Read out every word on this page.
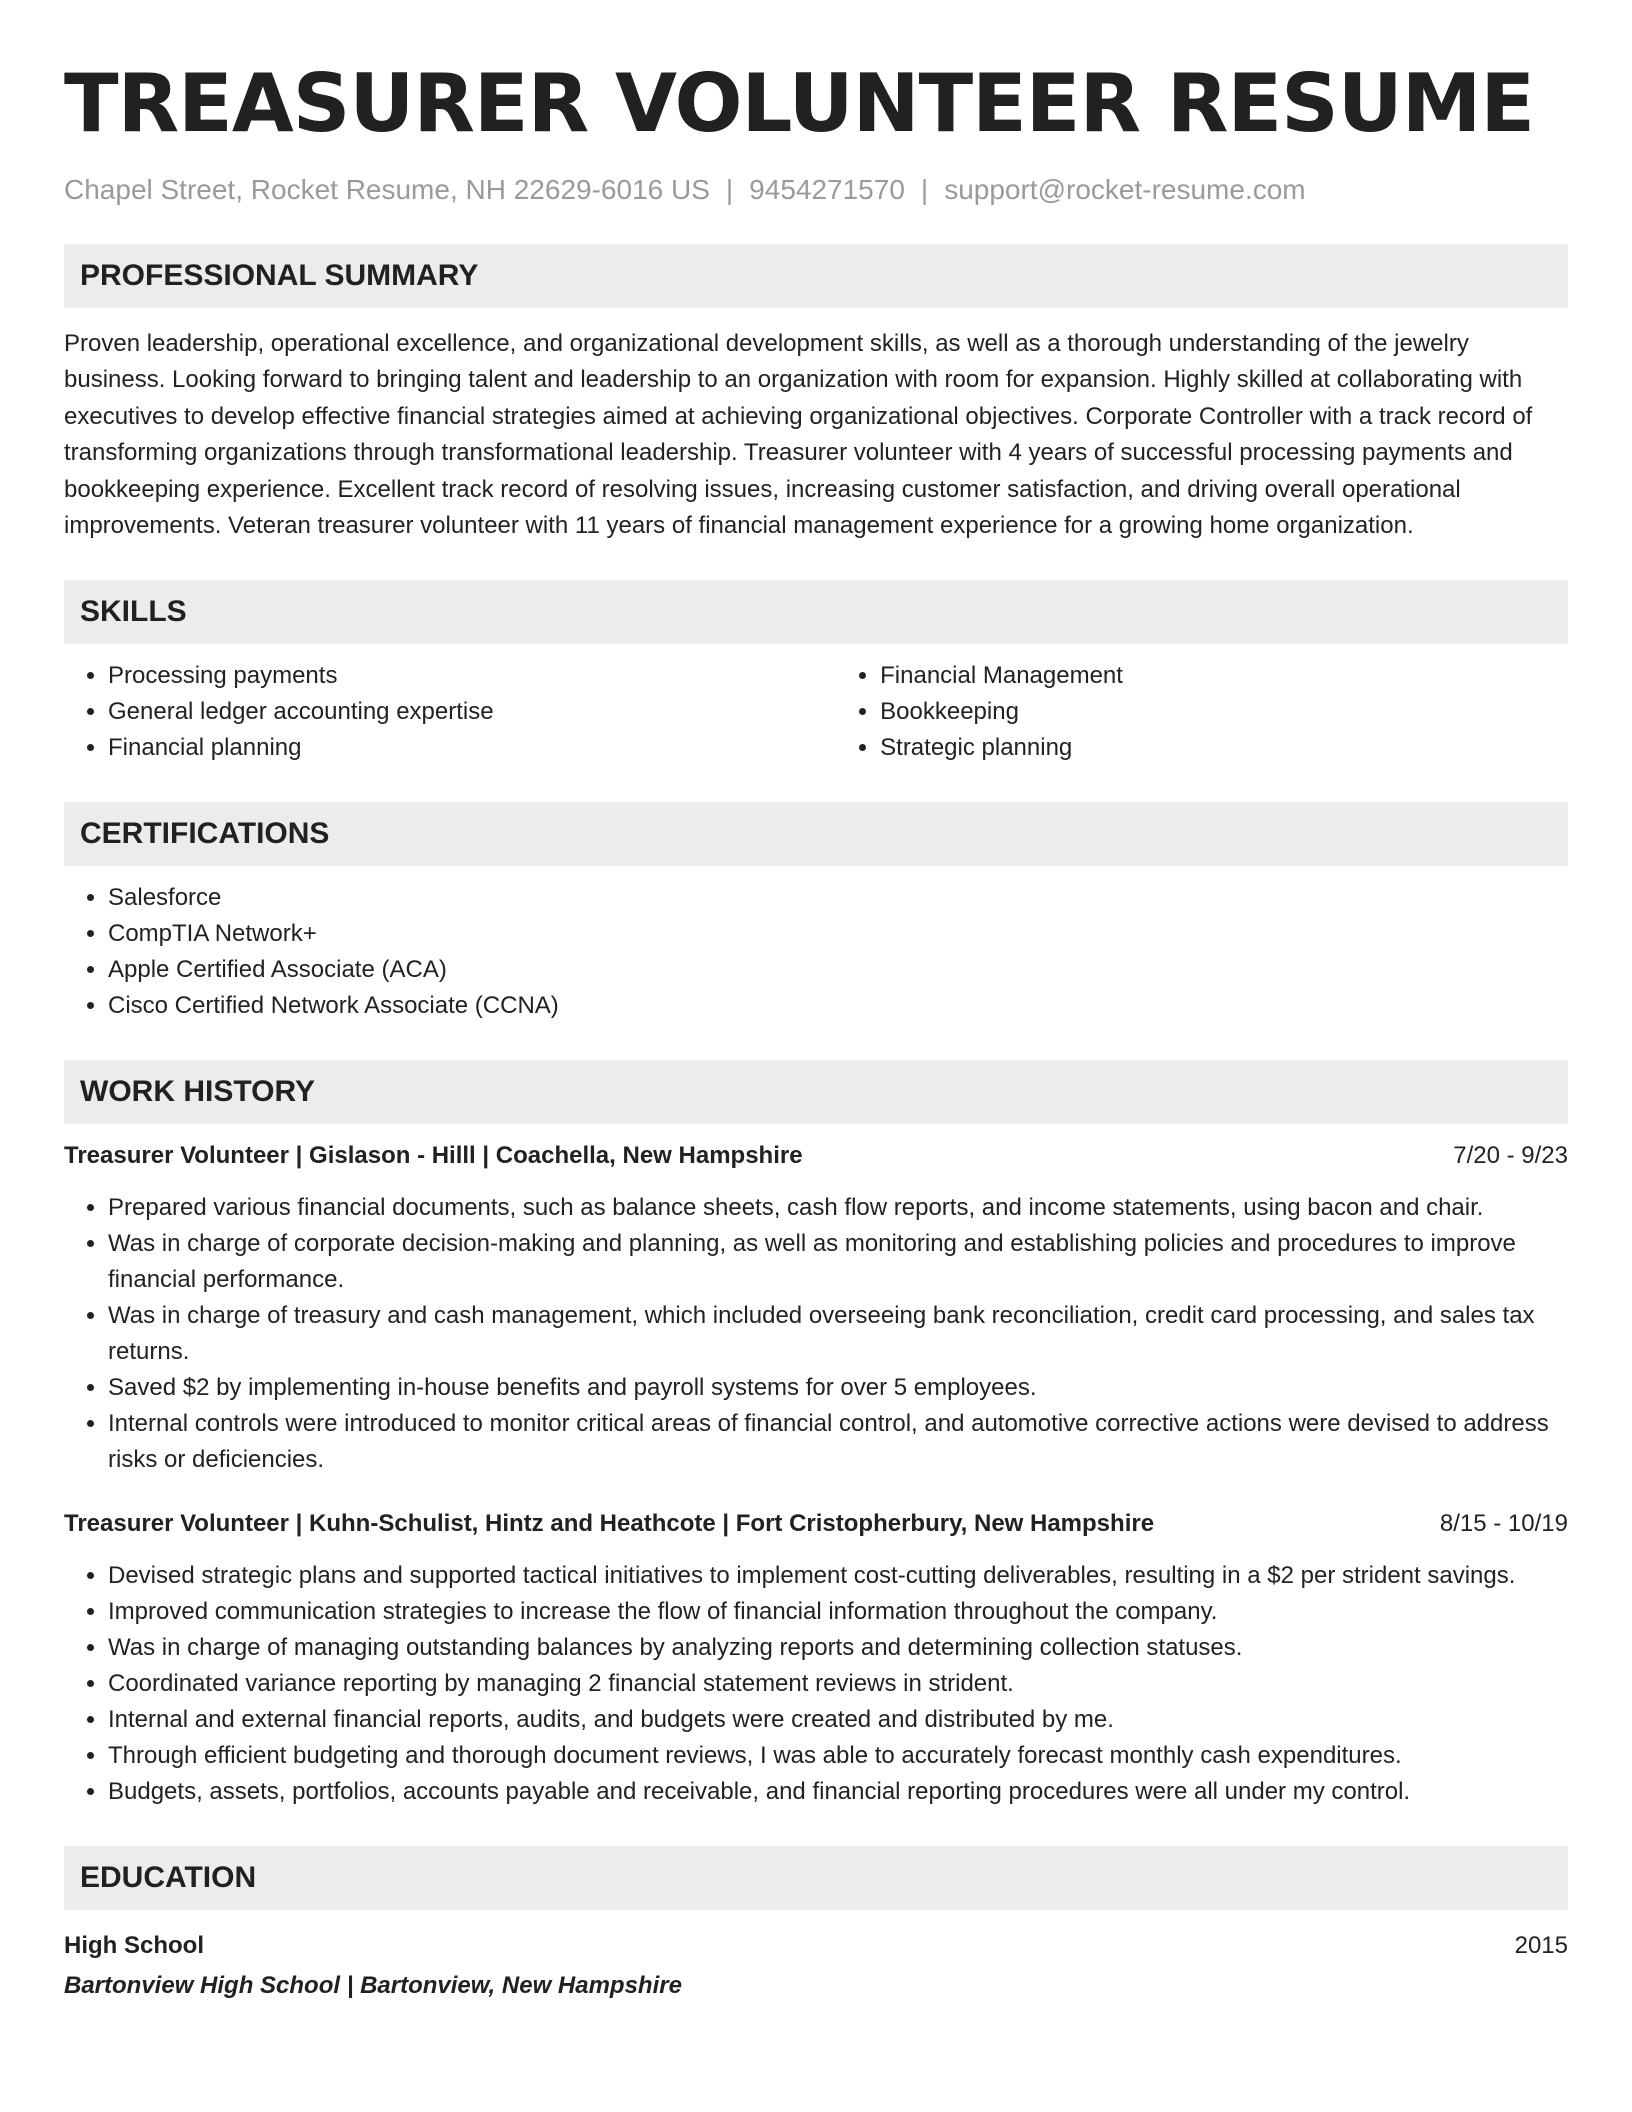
TREASURER VOLUNTEER RESUME
Chapel Street, Rocket Resume, NH 22629-6016 US | 9454271570 | support@rocket-resume.com
PROFESSIONAL SUMMARY
Proven leadership, operational excellence, and organizational development skills, as well as a thorough understanding of the jewelry business. Looking forward to bringing talent and leadership to an organization with room for expansion. Highly skilled at collaborating with executives to develop effective financial strategies aimed at achieving organizational objectives. Corporate Controller with a track record of transforming organizations through transformational leadership. Treasurer volunteer with 4 years of successful processing payments and bookkeeping experience. Excellent track record of resolving issues, increasing customer satisfaction, and driving overall operational improvements. Veteran treasurer volunteer with 11 years of financial management experience for a growing home organization.
SKILLS
• Processing payments
• General ledger accounting expertise
• Financial planning
• Financial Management
• Bookkeeping
• Strategic planning
CERTIFICATIONS
• Salesforce
• CompTIA Network+
• Apple Certified Associate (ACA)
• Cisco Certified Network Associate (CCNA)
WORK HISTORY
Treasurer Volunteer | Gislason - Hilll | Coachella, New Hampshire	7/20 - 9/23
• Prepared various financial documents, such as balance sheets, cash flow reports, and income statements, using bacon and chair.
• Was in charge of corporate decision-making and planning, as well as monitoring and establishing policies and procedures to improve financial performance.
• Was in charge of treasury and cash management, which included overseeing bank reconciliation, credit card processing, and sales tax returns.
• Saved $2 by implementing in-house benefits and payroll systems for over 5 employees.
• Internal controls were introduced to monitor critical areas of financial control, and automotive corrective actions were devised to address risks or deficiencies.
Treasurer Volunteer | Kuhn-Schulist, Hintz and Heathcote | Fort Cristopherbury, New Hampshire	8/15 - 10/19
• Devised strategic plans and supported tactical initiatives to implement cost-cutting deliverables, resulting in a $2 per strident savings.
• Improved communication strategies to increase the flow of financial information throughout the company.
• Was in charge of managing outstanding balances by analyzing reports and determining collection statuses.
• Coordinated variance reporting by managing 2 financial statement reviews in strident.
• Internal and external financial reports, audits, and budgets were created and distributed by me.
• Through efficient budgeting and thorough document reviews, I was able to accurately forecast monthly cash expenditures.
• Budgets, assets, portfolios, accounts payable and receivable, and financial reporting procedures were all under my control.
EDUCATION
High School	2015
Bartonview High School | Bartonview, New Hampshire
